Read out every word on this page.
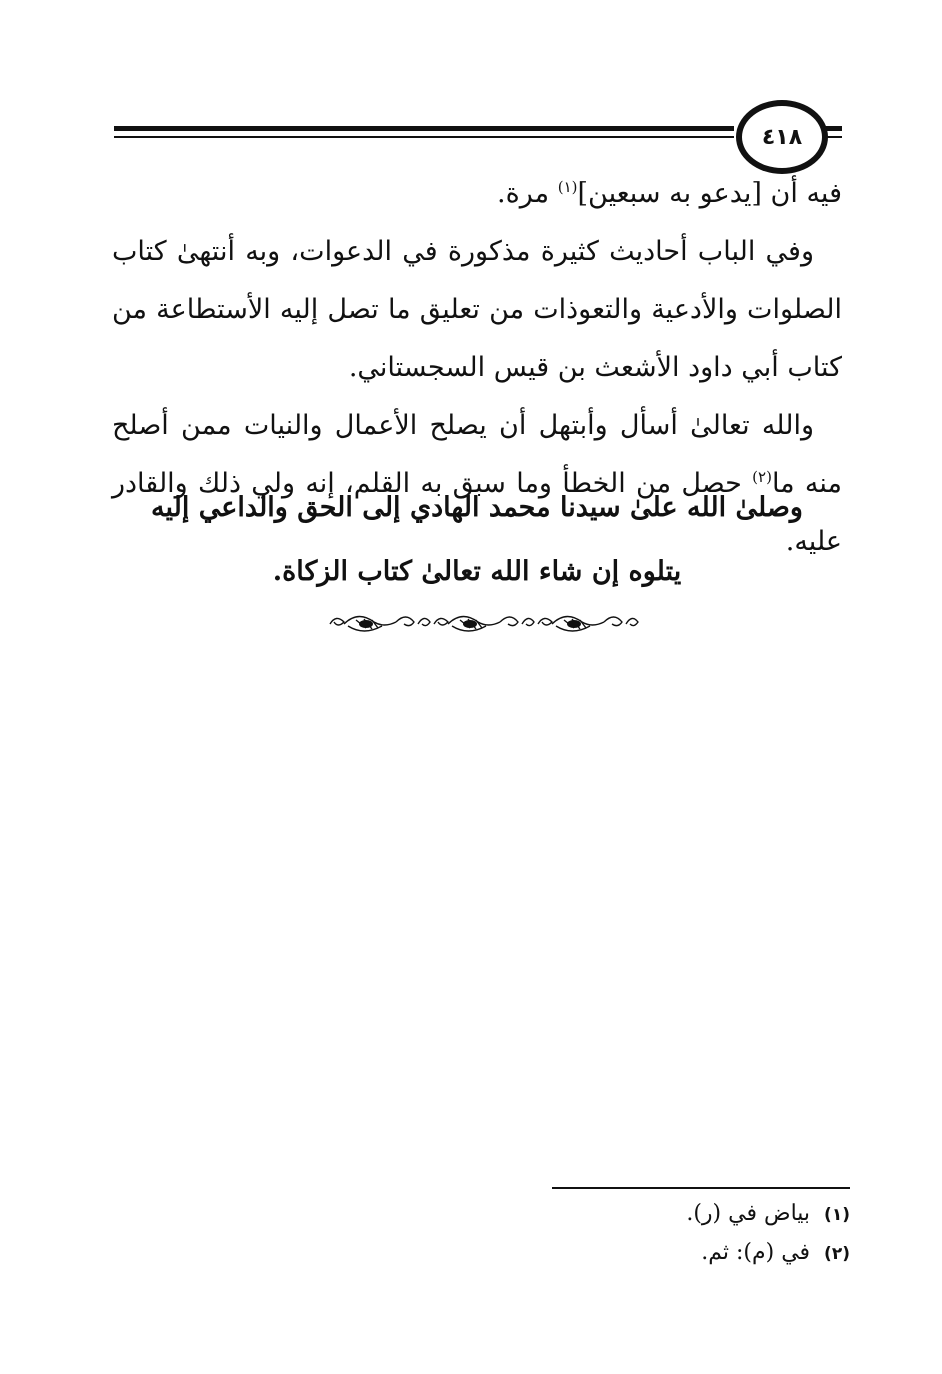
٤١٨

فيه أن [يدعو به سبعين]$^{(١)}$ مرة.

وفي الباب أحاديث كثيرة مذكورة في الدعوات، وبه أنتهىٰ كتاب الصلوات والأدعية والتعوذات من تعليق ما تصل إليه الأستطاعة من كتاب أبي داود الأشعث بن قيس السجستاني.

والله تعالىٰ أسأل وأبتهل أن يصلح الأعمال والنيات ممن أصلح منه ما$^{(٢)}$ حصل من الخطأ وما سبق به القلم، إنه ولي ذلك والقادر عليه.

وصلىٰ الله علىٰ سيدنا محمد الهادي إلى الحق والداعي إليه
يتلوه إن شاء الله تعالىٰ كتاب الزكاة.

(١)بياض في (ر).

(٢)في (م): ثم.
